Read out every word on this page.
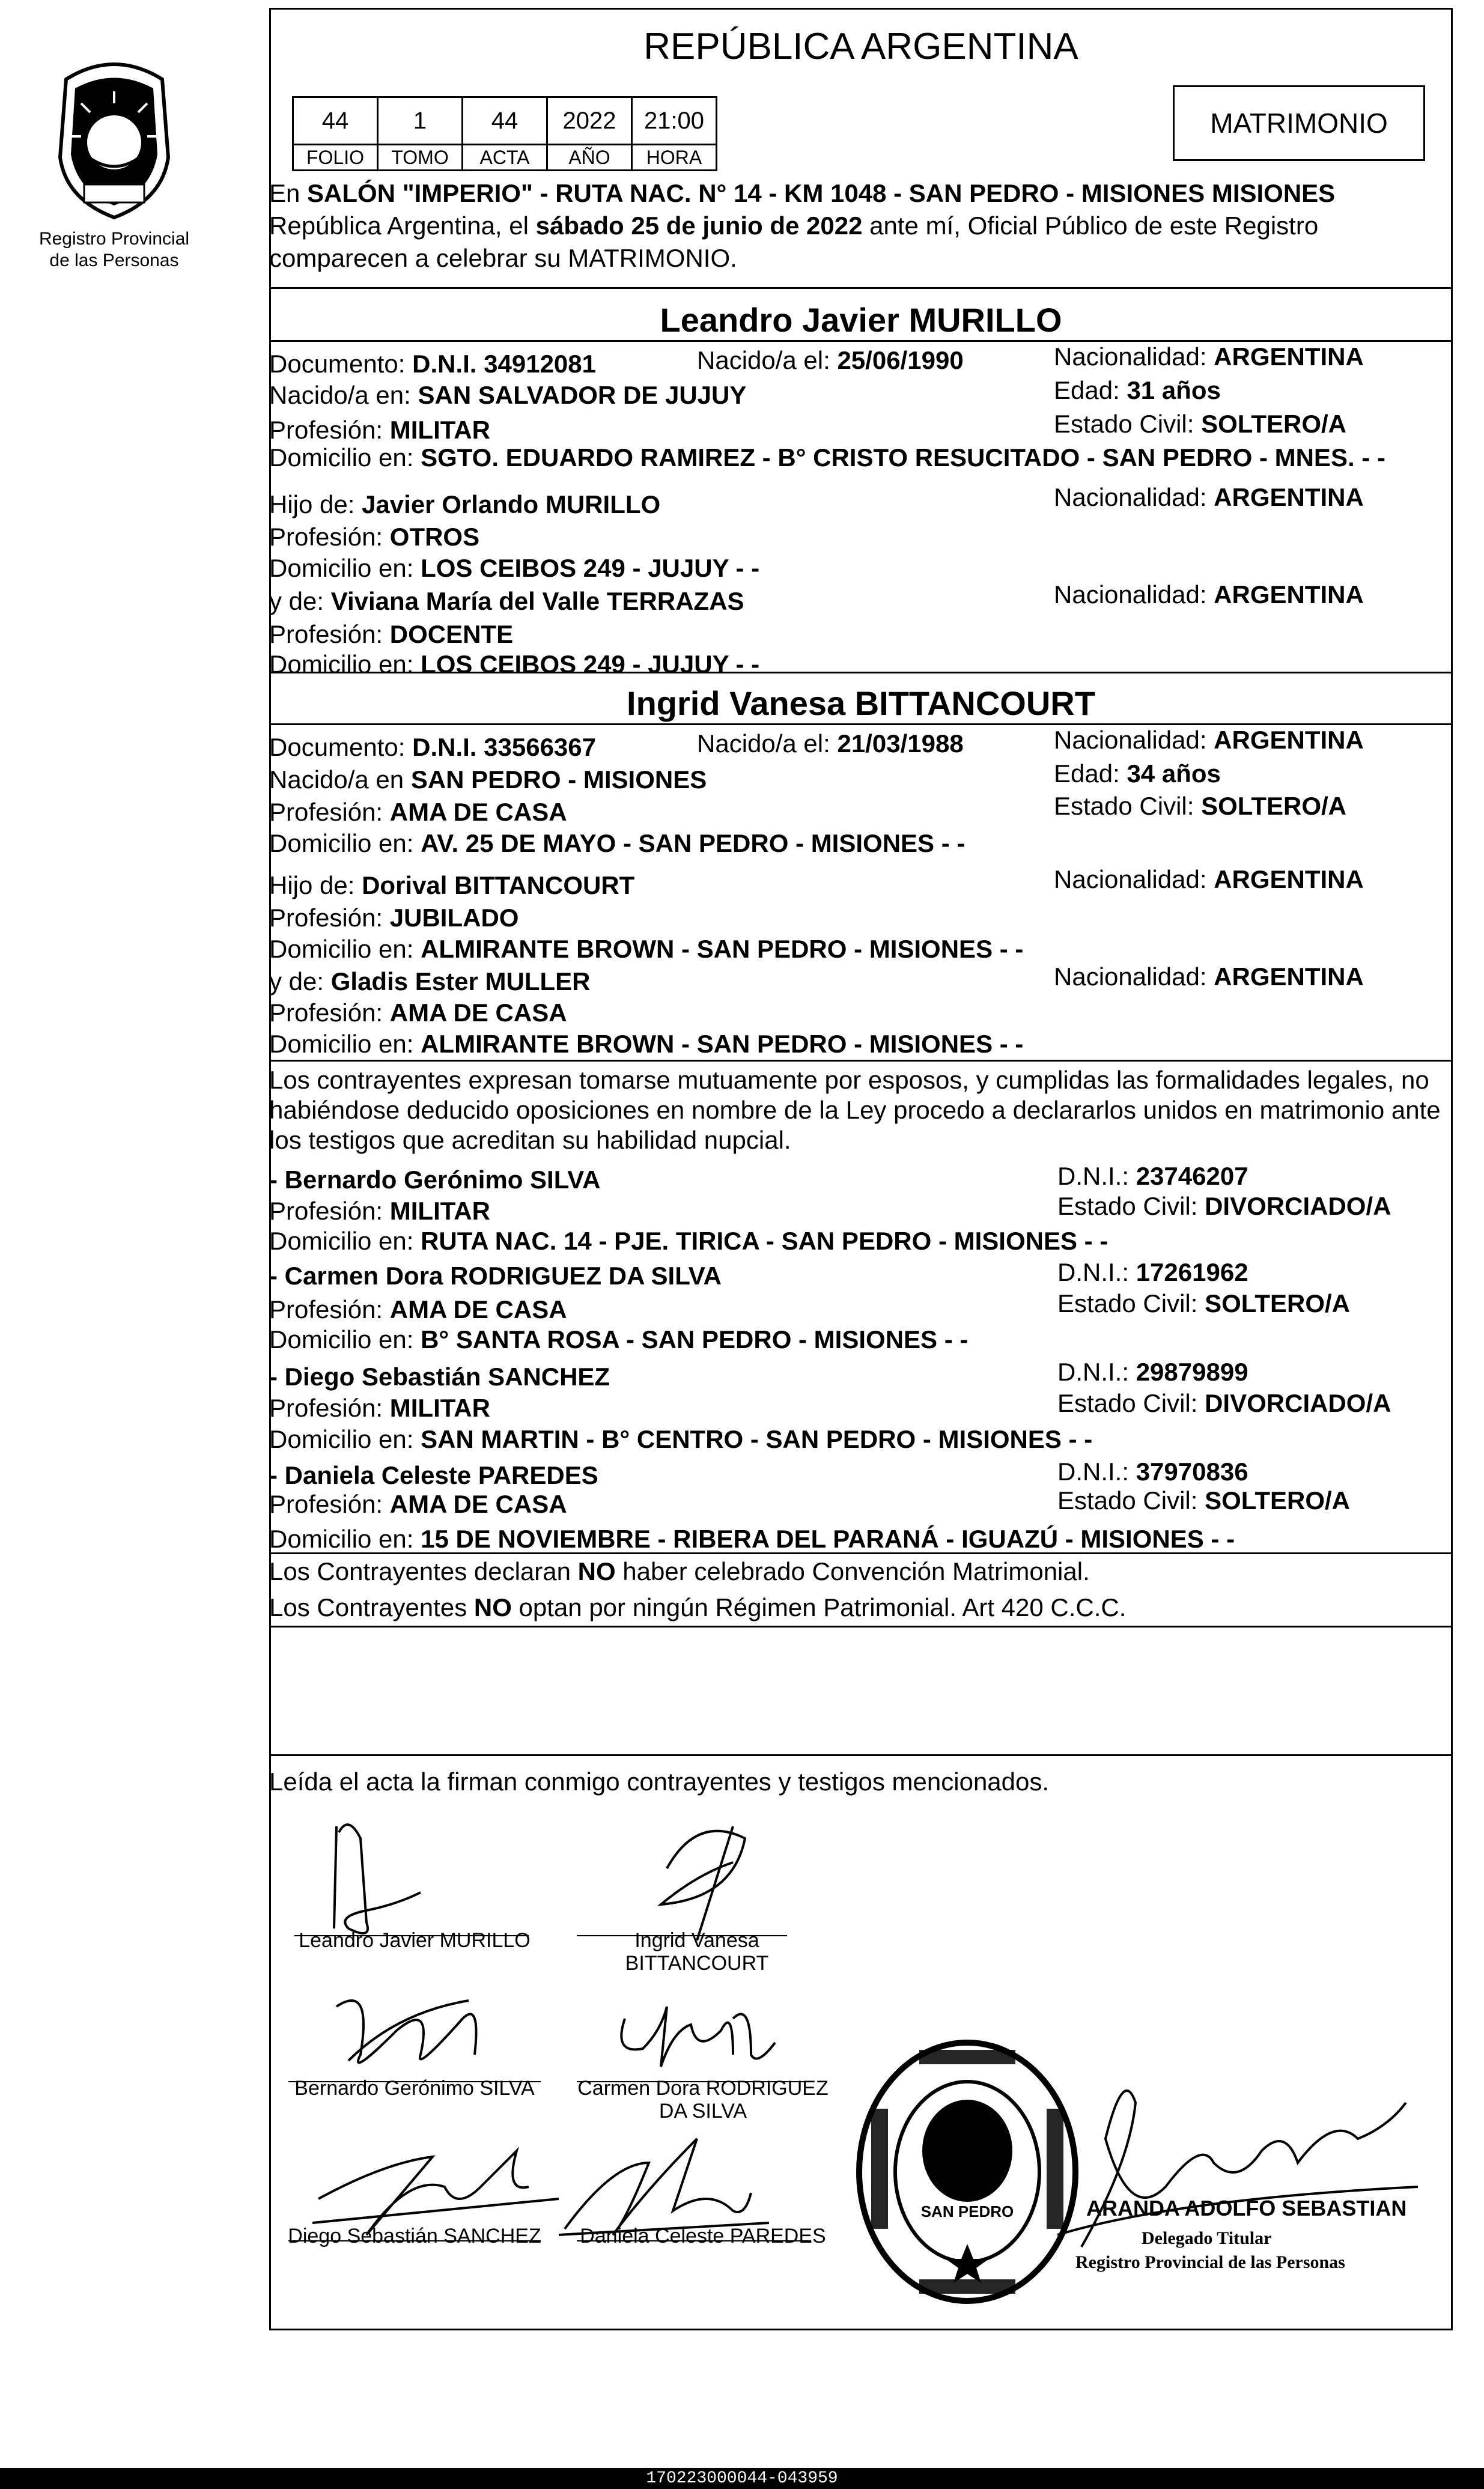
Registro Provincial
de las Personas
REPÚBLICA ARGENTINA
44	1	44	2022	21:00
FOLIO	TOMO	ACTA	AÑO	HORA
MATRIMONIO
En SALÓN "IMPERIO" - RUTA NAC. N° 14 - KM 1048 - SAN PEDRO - MISIONES MISIONES
República Argentina, el sábado 25 de junio de 2022 ante mí, Oficial Público de este Registro
comparecen a celebrar su MATRIMONIO.
Leandro Javier MURILLO
Documento: D.N.I. 34912081	Nacido/a el: 25/06/1990	Nacionalidad: ARGENTINA
Nacido/a en: SAN SALVADOR DE JUJUY	Edad: 31 años
Profesión: MILITAR	Estado Civil: SOLTERO/A
Domicilio en: SGTO. EDUARDO RAMIREZ - B° CRISTO RESUCITADO - SAN PEDRO - MNES. - -
Hijo de: Javier Orlando MURILLO	Nacionalidad: ARGENTINA
Profesión: OTROS
Domicilio en: LOS CEIBOS 249 - JUJUY - -
y de: Viviana María del Valle TERRAZAS	Nacionalidad: ARGENTINA
Profesión: DOCENTE
Domicilio en: LOS CEIBOS 249 - JUJUY - -
Ingrid Vanesa BITTANCOURT
Documento: D.N.I. 33566367	Nacido/a el: 21/03/1988	Nacionalidad: ARGENTINA
Nacido/a en SAN PEDRO - MISIONES	Edad: 34 años
Profesión: AMA DE CASA	Estado Civil: SOLTERO/A
Domicilio en: AV. 25 DE MAYO - SAN PEDRO - MISIONES - -
Hijo de: Dorival BITTANCOURT	Nacionalidad: ARGENTINA
Profesión: JUBILADO
Domicilio en: ALMIRANTE BROWN - SAN PEDRO - MISIONES - -
y de: Gladis Ester MULLER	Nacionalidad: ARGENTINA
Profesión: AMA DE CASA
Domicilio en: ALMIRANTE BROWN - SAN PEDRO - MISIONES - -
Los contrayentes expresan tomarse mutuamente por esposos, y cumplidas las formalidades legales, no
habiéndose deducido oposiciones en nombre de la Ley procedo a declararlos unidos en matrimonio ante
los testigos que acreditan su habilidad nupcial.
- Bernardo Gerónimo SILVA	D.N.I.: 23746207
Profesión: MILITAR	Estado Civil: DIVORCIADO/A
Domicilio en: RUTA NAC. 14 - PJE. TIRICA - SAN PEDRO - MISIONES - -
- Carmen Dora RODRIGUEZ DA SILVA	D.N.I.: 17261962
Profesión: AMA DE CASA	Estado Civil: SOLTERO/A
Domicilio en: B° SANTA ROSA - SAN PEDRO - MISIONES - -
- Diego Sebastián SANCHEZ	D.N.I.: 29879899
Profesión: MILITAR	Estado Civil: DIVORCIADO/A
Domicilio en: SAN MARTIN - B° CENTRO - SAN PEDRO - MISIONES - -
- Daniela Celeste PAREDES	D.N.I.: 37970836
Profesión: AMA DE CASA	Estado Civil: SOLTERO/A
Domicilio en: 15 DE NOVIEMBRE - RIBERA DEL PARANÁ - IGUAZÚ - MISIONES - -
Los Contrayentes declaran NO haber celebrado Convención Matrimonial.
Los Contrayentes NO optan por ningún Régimen Patrimonial. Art 420 C.C.C.
Leída el acta la firman conmigo contrayentes y testigos mencionados.
Leandro Javier MURILLO	Ingrid Vanesa
BITTANCOURT
Bernardo Gerónimo SILVA	Carmen Dora RODRIGUEZ
DA SILVA
Diego Sebastián SANCHEZ Daniela Celeste PAREDES
SAN PEDRO	ARANDA ADOLFO SEBASTIAN
Delegado Titular
Registro Provincial de las Personas
170223000044-043959
